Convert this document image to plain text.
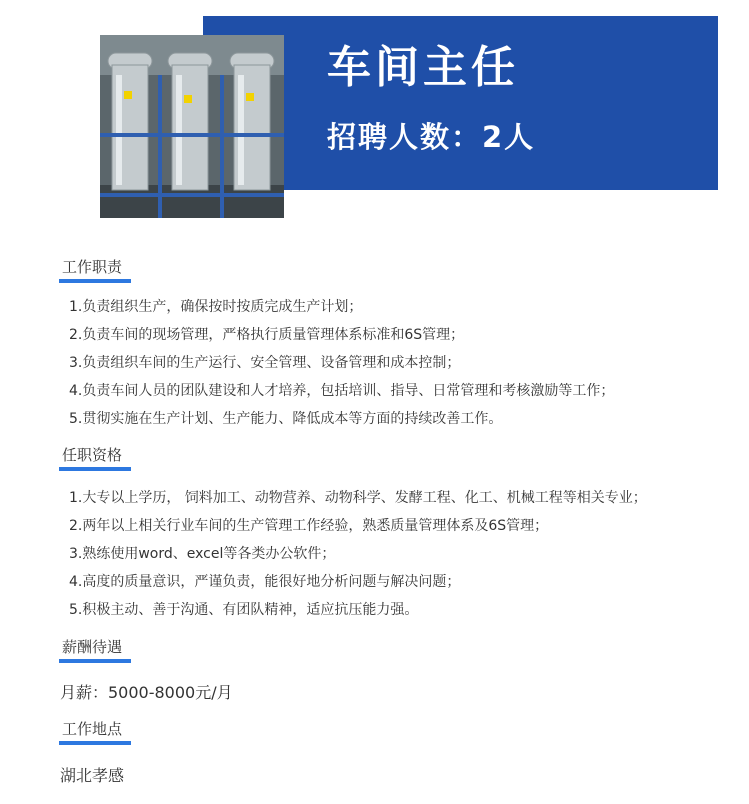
车间主任
招聘人数：2人
工作职责
1.负责组织生产，确保按时按质完成生产计划；
2.负责车间的现场管理，严格执行质量管理体系标准和6S管理；
3.负责组织车间的生产运行、安全管理、设备管理和成本控制；
4.负责车间人员的团队建设和人才培养，包括培训、指导、日常管理和考核激励等工作；
5.贯彻实施在生产计划、生产能力、降低成本等方面的持续改善工作。
任职资格
1.大专以上学历， 饲料加工、动物营养、动物科学、发酵工程、化工、机械工程等相关专业；
2.两年以上相关行业车间的生产管理工作经验，熟悉质量管理体系及6S管理；
3.熟练使用word、excel等各类办公软件；
4.高度的质量意识，严谨负责，能很好地分析问题与解决问题；
5.积极主动、善于沟通、有团队精神，适应抗压能力强。
薪酬待遇
月薪：5000-8000元/月
工作地点
湖北孝感
